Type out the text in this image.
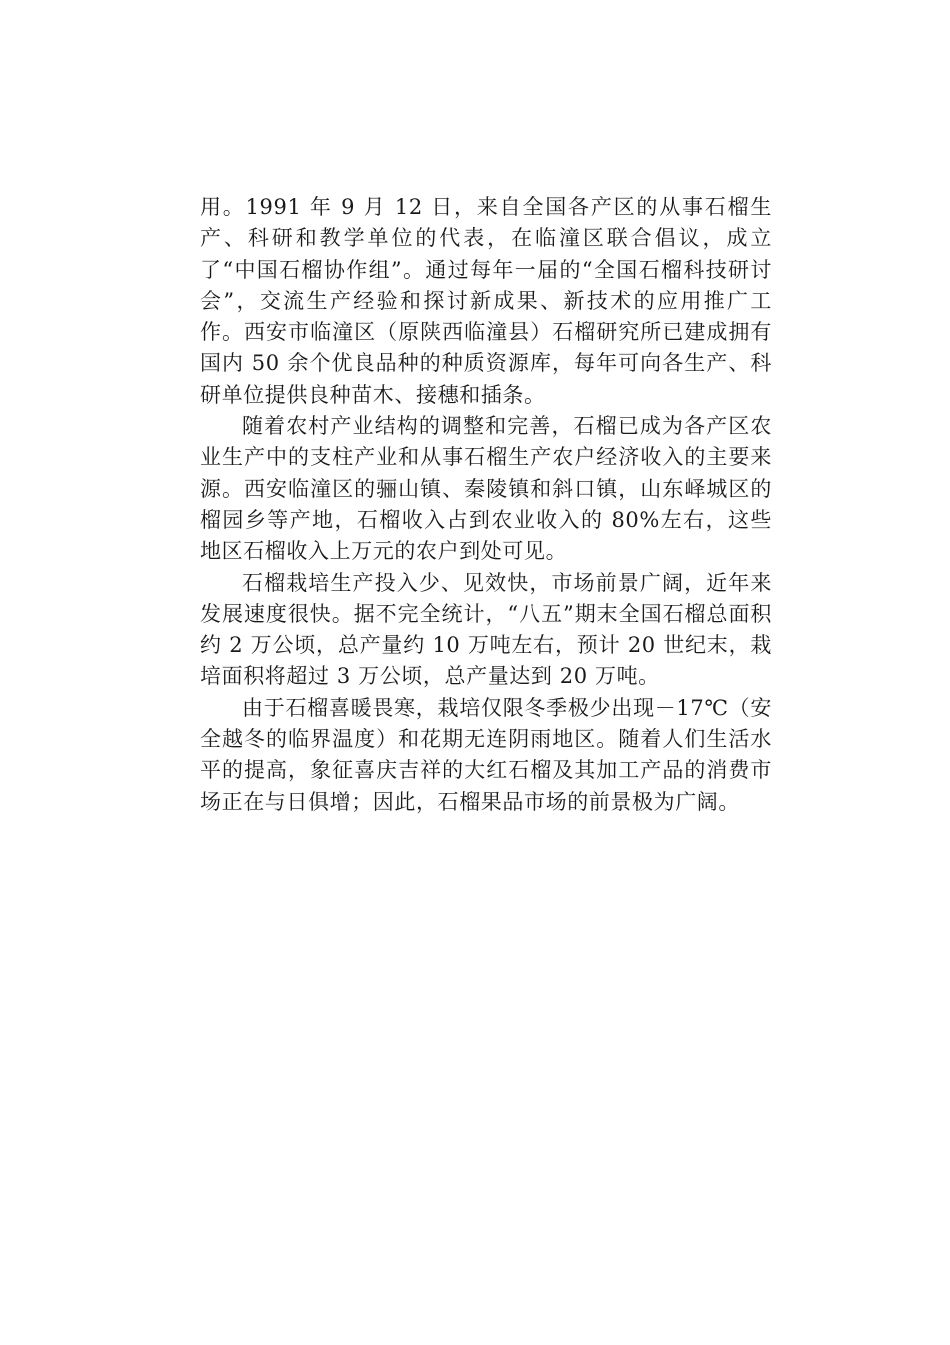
用。1991 年 9 月 12 日，来自全国各产区的从事石榴生产、科研和教学单位的代表，在临潼区联合倡议，成立了“中国石榴协作组”。通过每年一届的“全国石榴科技研讨会”，交流生产经验和探讨新成果、新技术的应用推广工作。西安市临潼区（原陕西临潼县）石榴研究所已建成拥有国内 50 余个优良品种的种质资源库，每年可向各生产、科研单位提供良种苗木、接穗和插条。

随着农村产业结构的调整和完善，石榴已成为各产区农业生产中的支柱产业和从事石榴生产农户经济收入的主要来源。西安临潼区的骊山镇、秦陵镇和斜口镇，山东峄城区的榴园乡等产地，石榴收入占到农业收入的 80%左右，这些地区石榴收入上万元的农户到处可见。

石榴栽培生产投入少、见效快，市场前景广阔，近年来发展速度很快。据不完全统计，“八五”期末全国石榴总面积约 2 万公顷，总产量约 10 万吨左右，预计 20 世纪末，栽培面积将超过 3 万公顷，总产量达到 20 万吨。

由于石榴喜暖畏寒，栽培仅限冬季极少出现－17℃（安全越冬的临界温度）和花期无连阴雨地区。随着人们生活水平的提高，象征喜庆吉祥的大红石榴及其加工产品的消费市场正在与日俱增；因此，石榴果品市场的前景极为广阔。
